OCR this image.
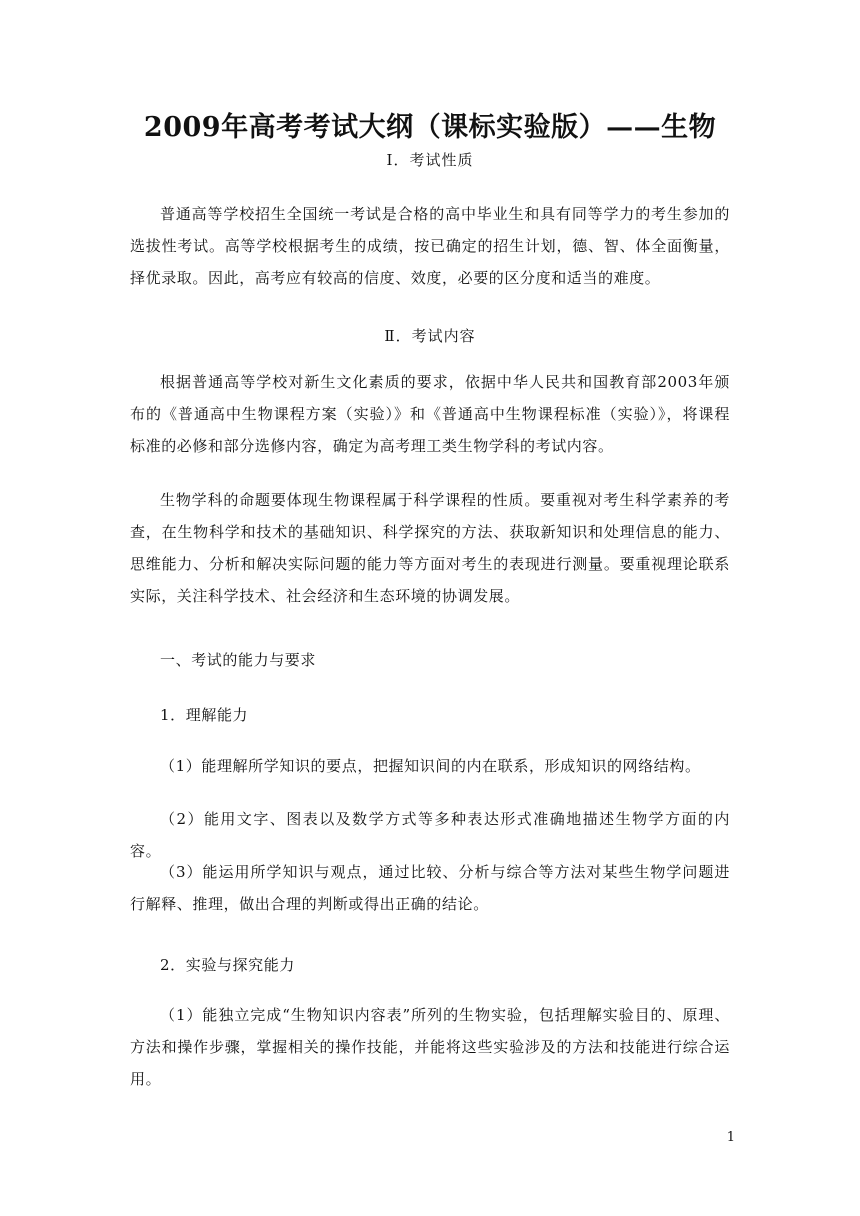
2009年高考考试大纲（课标实验版）——生物
Ⅰ．考试性质
普通高等学校招生全国统一考试是合格的高中毕业生和具有同等学力的考生参加的选拔性考试。高等学校根据考生的成绩，按已确定的招生计划，德、智、体全面衡量，择优录取。因此，高考应有较高的信度、效度，必要的区分度和适当的难度。
Ⅱ．考试内容
根据普通高等学校对新生文化素质的要求，依据中华人民共和国教育部2003年颁布的《普通高中生物课程方案（实验）》和《普通高中生物课程标准（实验）》，将课程标准的必修和部分选修内容，确定为高考理工类生物学科的考试内容。
生物学科的命题要体现生物课程属于科学课程的性质。要重视对考生科学素养的考查，在生物科学和技术的基础知识、科学探究的方法、获取新知识和处理信息的能力、思维能力、分析和解决实际问题的能力等方面对考生的表现进行测量。要重视理论联系实际，关注科学技术、社会经济和生态环境的协调发展。
一、考试的能力与要求
1．理解能力
（1）能理解所学知识的要点，把握知识间的内在联系，形成知识的网络结构。
（2）能用文字、图表以及数学方式等多种表达形式准确地描述生物学方面的内容。
（3）能运用所学知识与观点，通过比较、分析与综合等方法对某些生物学问题进行解释、推理，做出合理的判断或得出正确的结论。
2．实验与探究能力
（1）能独立完成“生物知识内容表”所列的生物实验，包括理解实验目的、原理、方法和操作步骤，掌握相关的操作技能，并能将这些实验涉及的方法和技能进行综合运用。
1
